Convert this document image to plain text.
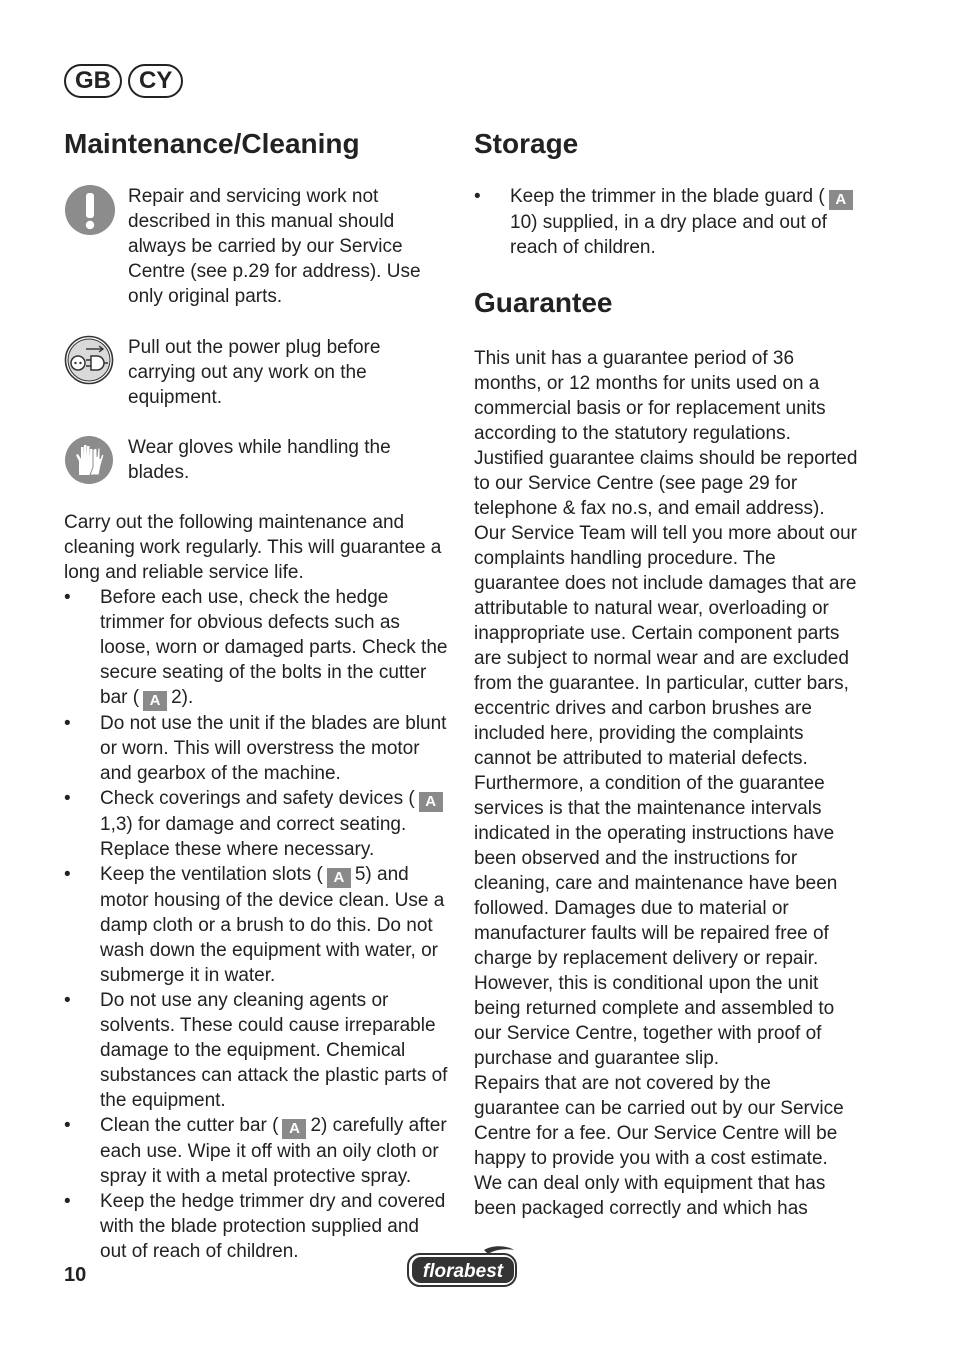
GB	CY
Maintenance/Cleaning
Repair and servicing work not described in this manual should always be carried by our Service Centre (see p.29 for address). Use only original parts.
Pull out the power plug before carrying out any work on the equipment.
Wear gloves while handling the blades.
Carry out the following maintenance and cleaning work regularly. This will guarantee a long and reliable service life.
• Before each use, check the hedge trimmer for obvious defects such as loose, worn or damaged parts. Check the secure seating of the bolts in the cutter bar ( A 2).
• Do not use the unit if the blades are blunt or worn. This will overstress the motor and gearbox of the machine.
• Check coverings and safety devices ( A1,3) for damage and correct seating. Replace these where necessary.
• Keep the ventilation slots ( A 5) and motor housing of the device clean. Use a damp cloth or a brush to do this. Do not wash down the equipment with water, or submerge it in water.
• Do not use any cleaning agents or solvents. These could cause irreparable damage to the equipment. Chemical substances can attack the plastic parts of the equipment.
• Clean the cutter bar ( A 2) carefully after each use. Wipe it off with an oily cloth or spray it with a metal protective spray.
• Keep the hedge trimmer dry and covered with the blade protection supplied and out of reach of children.
Storage
• Keep the trimmer in the blade guard ( A10) supplied, in a dry place and out of reach of children.
Guarantee
This unit has a guarantee period of 36 months, or 12 months for units used on a commercial basis or for replacement units according to the statutory regulations. Justified guarantee claims should be reported to our Service Centre (see page 29 for telephone & fax no.s, and email address). Our Service Team will tell you more about our complaints handling procedure. The guarantee does not include damages that are attributable to natural wear, overloading or inappropriate use. Certain component parts are subject to normal wear and are excluded from the guarantee. In particular, cutter bars, eccentric drives and carbon brushes are included here, providing the complaints cannot be attributed to material defects.
Furthermore, a condition of the guarantee services is that the maintenance intervals indicated in the operating instructions have been observed and the instructions for cleaning, care and maintenance have been followed. Damages due to material or manufacturer faults will be repaired free of charge by replacement delivery or repair. However, this is conditional upon the unit being returned complete and assembled to our Service Centre, together with proof of purchase and guarantee slip.
Repairs that are not covered by the guarantee can be carried out by our Service Centre for a fee. Our Service Centre will be happy to provide you with a cost estimate. We can deal only with equipment that has been packaged correctly and which has
10	florabest
